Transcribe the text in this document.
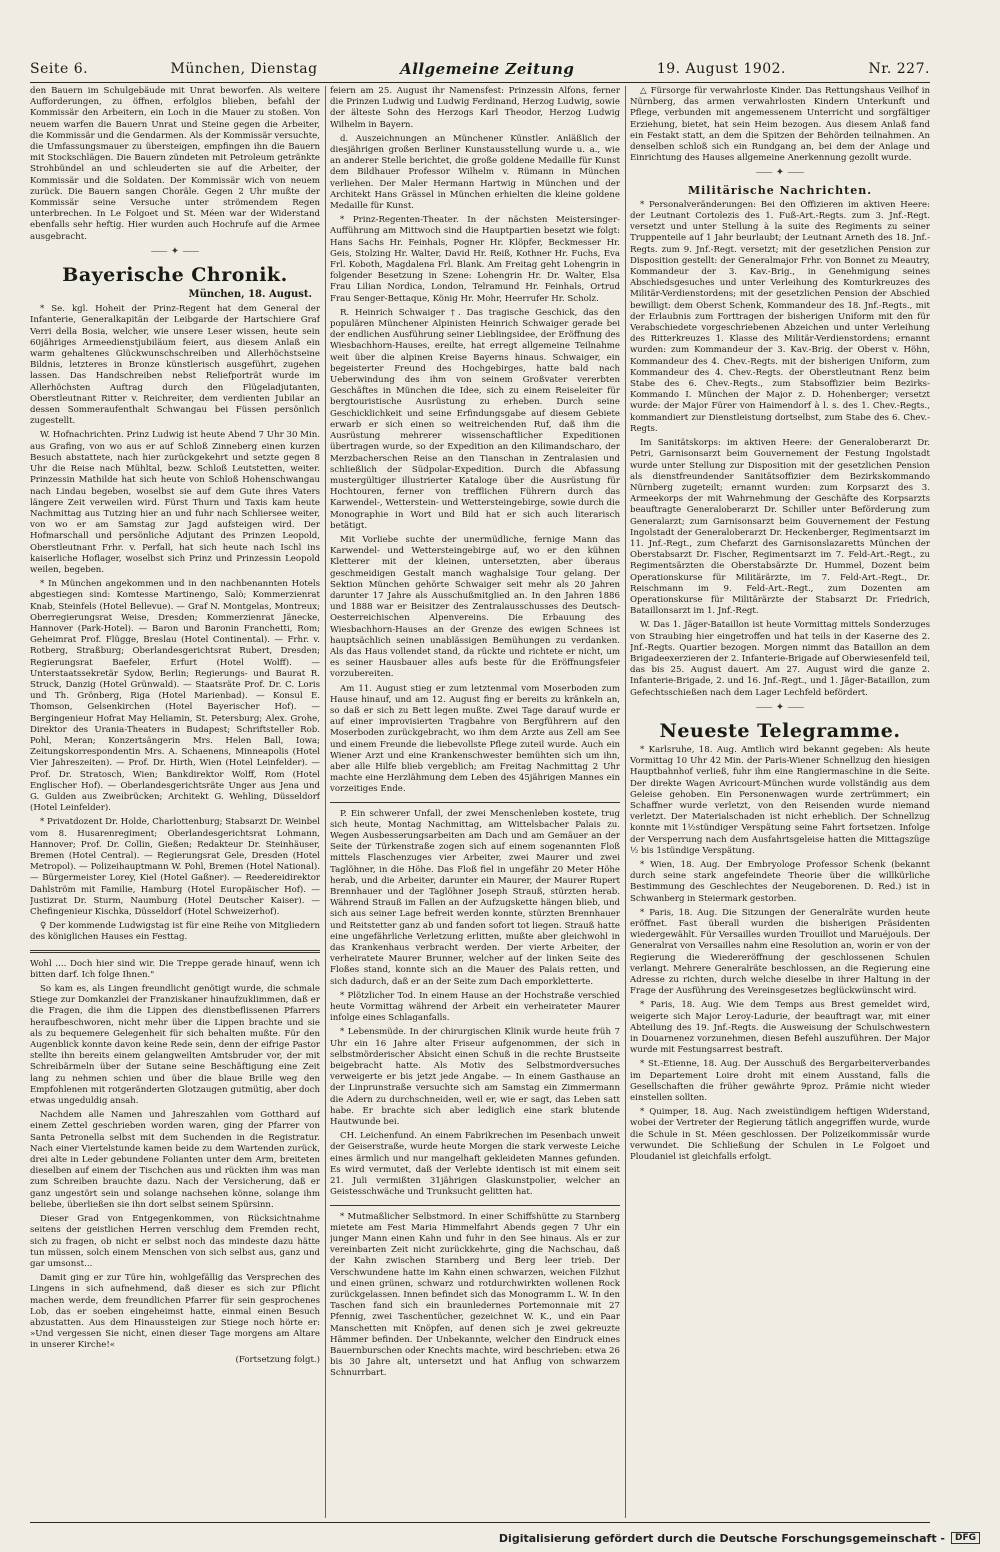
Seite 6.	München, Dienstag	Allgemeine Zeitung	19. August 1902.	Nr. 227.

den Bauern im Schulgebäude mit Unrat beworfen. Als weitere Aufforderungen, zu öffnen, erfolglos blieben, befahl der Kommissär den Arbeitern, ein Loch in die Mauer zu stoßen. Von neuem warfen die Bauern Unrat und Steine gegen die Arbeiter, die Kommissär und die Gendarmen. Als der Kommissär versuchte, die Umfassungsmauer zu übersteigen, empfingen ihn die Bauern mit Stockschlägen. Die Bauern zündeten mit Petroleum getränkte Strohbündel an und schleuderten sie auf die Arbeiter, der Kommissär und die Soldaten. Der Kommissär wich von neuem zurück. Die Bauern sangen Choräle. Gegen 2 Uhr mußte der Kommissär seine Versuche unter strömendem Regen unterbrechen. In Le Folgoet und St. Méen war der Widerstand ebenfalls sehr heftig. Hier wurden auch Hochrufe auf die Armee ausgebracht.

⸺ ✦ ⸺
Bayerische Chronik.
München, 18. August.

* Se. kgl. Hoheit der Prinz-Regent hat dem General der Infanterie, Generalkapitän der Leibgarde der Hartschiere Graf Verri della Bosia, welcher, wie unsere Leser wissen, heute sein 60jähriges Armeedienstjubiläum feiert, aus diesem Anlaß ein warm gehaltenes Glückwunschschreiben und Allerhöchstseine Bildnis, letzteres in Bronze künstlerisch ausgeführt, zugehen lassen. Das Handschreiben nebst Reliefporträt wurde im Allerhöchsten Auftrag durch den Flügeladjutanten, Oberstleutnant Ritter v. Reichreiter, dem verdienten Jubilar an dessen Sommeraufenthalt Schwangau bei Füssen persönlich zugestellt.

W. Hofnachrichten. Prinz Ludwig ist heute Abend 7 Uhr 30 Min. aus Grafing, von wo aus er auf Schloß Zinneberg einen kurzen Besuch abstattete, nach hier zurückgekehrt und setzte gegen 8 Uhr die Reise nach Mühltal, bezw. Schloß Leutstetten, weiter. Prinzessin Mathilde hat sich heute von Schloß Hohenschwangau nach Lindau begeben, woselbst sie auf dem Gute ihres Vaters längere Zeit verweilen wird. Fürst Thurn und Taxis kam heute Nachmittag aus Tutzing hier an und fuhr nach Schliersee weiter, von wo er am Samstag zur Jagd aufsteigen wird. Der Hofmarschall und persönliche Adjutant des Prinzen Leopold, Oberstleutnant Frhr. v. Perfall, hat sich heute nach Ischl ins kaiserliche Hoflager, woselbst sich Prinz und Prinzessin Leopold weilen, begeben.

* In München angekommen und in den nachbenannten Hotels abgestiegen sind: Komtesse Martinengo, Salò; Kommerzienrat Knab, Steinfels (Hotel Bellevue). — Graf N. Montgelas, Montreux; Oberregierungsrat Weise, Dresden; Kommerzienrat Jänecke, Hannover (Park-Hotel). — Baron und Baronin Franchetti, Rom; Geheimrat Prof. Flügge, Breslau (Hotel Continental). — Frhr. v. Rotberg, Straßburg; Oberlandesgerichtsrat Rubert, Dresden; Regierungsrat Baefeler, Erfurt (Hotel Wolff). — Unterstaatssekretär Sydow, Berlin; Regierungs- und Baurat R. Struck, Danzig (Hotel Grünwald). — Staatsräte Prof. Dr. C. Loris und Th. Grönberg, Riga (Hotel Marienbad). — Konsul E. Thomson, Gelsenkirchen (Hotel Bayerischer Hof). — Bergingenieur Hofrat May Heliamin, St. Petersburg; Alex. Grohe, Direktor des Urania-Theaters in Budapest; Schriftsteller Rob. Pohl, Meran; Konzertsängerin Mrs. Helen Ball, Iowa; Zeitungskorrespondentin Mrs. A. Schaenens, Minneapolis (Hotel Vier Jahreszeiten). — Prof. Dr. Hirth, Wien (Hotel Leinfelder). — Prof. Dr. Stratosch, Wien; Bankdirektor Wolff, Rom (Hotel Englischer Hof). — Oberlandesgerichtsräte Unger aus Jena und G. Gulden aus Zweibrücken; Architekt G. Wehling, Düsseldorf (Hotel Leinfelder).

* Privatdozent Dr. Holde, Charlottenburg; Stabsarzt Dr. Weinbel vom 8. Husarenregiment; Oberlandesgerichtsrat Lohmann, Hannover; Prof. Dr. Collin, Gießen; Redakteur Dr. Steinhäuser, Bremen (Hotel Central). — Regierungsrat Gele, Dresden (Hotel Metropol). — Polizeihauptmann W. Pohl, Bremen (Hotel National). — Bürgermeister Lorey, Kiel (Hotel Gaßner). — Reedereidirektor Dahlström mit Familie, Hamburg (Hotel Europäischer Hof). — Justizrat Dr. Sturm, Naumburg (Hotel Deutscher Kaiser). — Chefingenieur Kischka, Düsseldorf (Hotel Schweizerhof).

♀ Der kommende Ludwigstag ist für eine Reihe von Mitgliedern des königlichen Hauses ein Festtag.

Wohl .... Doch hier sind wir. Die Treppe gerade hinauf, wenn ich bitten darf. Ich folge Ihnen."

So kam es, als Lingen freundlicht genötigt wurde, die schmale Stiege zur Domkanzlei der Franziskaner hinaufzuklimmen, daß er die Fragen, die ihm die Lippen des dienstbeflissenen Pfarrers heraufbeschworen, nicht mehr über die Lippen brachte und sie als zu bequemere Gelegenheit für sich behalten mußte. Für den Augenblick konnte davon keine Rede sein, denn der eifrige Pastor stellte ihn bereits einem gelangweilten Amtsbruder vor, der mit Schreibärmeln über der Sutane seine Beschäftigung eine Zeit lang zu nehmen schien und über die blaue Brille weg den Empfohlenen mit rotgeränderten Glotzaugen gutmütig, aber doch etwas ungeduldig ansah.

Nachdem alle Namen und Jahreszahlen vom Gotthard auf einem Zettel geschrieben worden waren, ging der Pfarrer von Santa Petronella selbst mit dem Suchenden in die Registratur. Nach einer Viertelstunde kamen beide zu dem Wartenden zurück, drei alte in Leder gebundene Folianten unter dem Arm, breiteten dieselben auf einem der Tischchen aus und rückten ihm was man zum Schreiben brauchte dazu. Nach der Versicherung, daß er ganz ungestört sein und solange nachsehen könne, solange ihm beliebe, überließen sie ihn dort selbst seinem Spürsinn.

Dieser Grad von Entgegenkommen, von Rücksichtnahme seitens der geistlichen Herren verschlug dem Fremden recht, sich zu fragen, ob nicht er selbst noch das mindeste dazu hätte tun müssen, solch einem Menschen von sich selbst aus, ganz und gar umsonst...

Damit ging er zur Türe hin, wohlgefällig das Versprechen des Lingens in sich aufnehmend, daß dieser es sich zur Pflicht machen werde, dem freundlichen Pfarrer für sein gesprochenes Lob, das er soeben eingeheimst hatte, einmal einen Besuch abzustatten. Aus dem Hinaussteigen zur Stiege noch hörte er: »Und vergessen Sie nicht, einen dieser Tage morgens am Altare in unserer Kirche!«

(Fortsetzung folgt.)

feiern am 25. August ihr Namensfest: Prinzessin Alfons, ferner die Prinzen Ludwig und Ludwig Ferdinand, Herzog Ludwig, sowie der älteste Sohn des Herzogs Karl Theodor, Herzog Ludwig Wilhelm in Bayern.

d. Auszeichnungen an Münchener Künstler. Anläßlich der diesjährigen großen Berliner Kunstausstellung wurde u. a., wie an anderer Stelle berichtet, die große goldene Medaille für Kunst dem Bildhauer Professor Wilhelm v. Rümann in München verliehen. Der Maler Hermann Hartwig in München und der Architekt Hans Grässel in München erhielten die kleine goldene Medaille für Kunst.

* Prinz-Regenten-Theater. In der nächsten Meistersinger-Aufführung am Mittwoch sind die Hauptpartien besetzt wie folgt: Hans Sachs Hr. Feinhals, Pogner Hr. Klöpfer, Beckmesser Hr. Geis, Stolzing Hr. Walter, David Hr. Reiß, Kothner Hr. Fuchs, Eva Frl. Koboth, Magdalena Frl. Blank. Am Freitag geht Lohengrin in folgender Besetzung in Szene: Lohengrin Hr. Dr. Walter, Elsa Frau Lilian Nordica, London, Telramund Hr. Feinhals, Ortrud Frau Senger-Bettaque, König Hr. Mohr, Heerrufer Hr. Scholz.

R. Heinrich Schwaiger †. Das tragische Geschick, das den populären Münchener Alpinisten Heinrich Schwaiger gerade bei der endlichen Ausführung seiner Lieblingsidee, der Eröffnung des Wiesbachhorn-Hauses, ereilte, hat erregt allgemeine Teilnahme weit über die alpinen Kreise Bayerns hinaus. Schwaiger, ein begeisterter Freund des Hochgebirges, hatte bald nach Ueberwindung des ihm von seinem Großvater vererbten Geschäftes in München die Idee, sich zu einem Reiseleiter für bergtouristische Ausrüstung zu erheben. Durch seine Geschicklichkeit und seine Erfindungsgabe auf diesem Gebiete erwarb er sich einen so weitreichenden Ruf, daß ihm die Ausrüstung mehrerer wissenschaftlicher Expeditionen übertragen wurde, so der Expedition an den Kilimandscharo, der Merzbacherschen Reise an den Tianschan in Zentralasien und schließlich der Südpolar-Expedition. Durch die Abfassung mustergültiger illustrierter Kataloge über die Ausrüstung für Hochtouren, ferner von trefflichen Führern durch das Karwendel-, Wetterstein- und Wettersteingebirge, sowie durch die Monographie in Wort und Bild hat er sich auch literarisch betätigt.

Mit Vorliebe suchte der unermüdliche, fernige Mann das Karwendel- und Wettersteingebirge auf, wo er den kühnen Kletterer mit der kleinen, untersetzten, aber überaus geschmeidigen Gestalt manch waghalsige Tour gelang. Der Sektion München gehörte Schwaiger seit mehr als 20 Jahren darunter 17 Jahre als Ausschußmitglied an. In den Jahren 1886 und 1888 war er Beisitzer des Zentralausschusses des Deutsch-Oesterreichischen Alpenvereins. Die Erbauung des Wiesbachhorn-Hauses an der Grenze des ewigen Schnees ist hauptsächlich seinen unablässigen Bemühungen zu verdanken. Als das Haus vollendet stand, da rückte und richtete er nicht, um es seiner Hausbauer alles aufs beste für die Eröffnungsfeier vorzubereiten.

Am 11. August stieg er zum letztenmal vom Moserboden zum Hause hinauf, und am 12. August fing er bereits zu kränkeln an, so daß er sich zu Bett legen mußte. Zwei Tage darauf wurde er auf einer improvisierten Tragbahre von Bergführern auf den Moserboden zurückgebracht, wo ihm dem Arzte aus Zell am See und einem Freunde die liebevollste Pflege zuteil wurde. Auch ein Wiener Arzt und eine Krankenschwester bemühten sich um ihn, aber alle Hilfe blieb vergeblich; am Freitag Nachmittag 2 Uhr machte eine Herzlähmung dem Leben des 45jährigen Mannes ein vorzeitiges Ende.

P. Ein schwerer Unfall, der zwei Menschenleben kostete, trug sich heute, Montag Nachmittag, am Wittelsbacher Palais zu. Wegen Ausbesserungsarbeiten am Dach und am Gemäuer an der Seite der Türkenstraße zogen sich auf einem sogenannten Floß mittels Flaschenzuges vier Arbeiter, zwei Maurer und zwei Taglöhner, in die Höhe. Das Floß fiel in ungefähr 20 Meter Höhe herab, und die Arbeiter, darunter ein Maurer, der Maurer Rupert Brennhauer und der Taglöhner Joseph Strauß, stürzten herab. Während Strauß im Fallen an der Aufzugskette hängen blieb, und sich aus seiner Lage befreit werden konnte, stürzten Brennhauer und Reitstetter ganz ab und fanden sofort tot liegen. Strauß hatte eine ungefährliche Verletzung erlitten, mußte aber gleichwohl in das Krankenhaus verbracht werden. Der vierte Arbeiter, der verheiratete Maurer Brunner, welcher auf der linken Seite des Floßes stand, konnte sich an die Mauer des Palais retten, und sich dadurch, daß er an der Seite zum Dach emporkletterte.

* Plötzlicher Tod. In einem Hause an der Hochstraße verschied heute Vormittag während der Arbeit ein verheirateter Maurer infolge eines Schlaganfalls.

* Lebensmüde. In der chirurgischen Klinik wurde heute früh 7 Uhr ein 16 Jahre alter Friseur aufgenommen, der sich in selbstmörderischer Absicht einen Schuß in die rechte Brustseite beigebracht hatte. Als Motiv des Selbstmordversuches verweigerte er bis jetzt jede Angabe. — In einem Gasthause an der Linprunstraße versuchte sich am Samstag ein Zimmermann die Adern zu durchschneiden, weil er, wie er sagt, das Leben satt habe. Er brachte sich aber lediglich eine stark blutende Hautwunde bei.

CH. Leichenfund. An einem Fabrikrechen im Pesenbach unweit der Geiserstraße, wurde heute Morgen die stark verweste Leiche eines ärmlich und nur mangelhaft gekleideten Mannes gefunden. Es wird vermutet, daß der Verlebte identisch ist mit einem seit 21. Juli vermißten 31jährigen Glaskunstpolier, welcher an Geistesschwäche und Trunksucht gelitten hat.

* Mutmaßlicher Selbstmord. In einer Schiffshütte zu Starnberg mietete am Fest Maria Himmelfahrt Abends gegen 7 Uhr ein junger Mann einen Kahn und fuhr in den See hinaus. Als er zur vereinbarten Zeit nicht zurückkehrte, ging die Nachschau, daß der Kahn zwischen Starnberg und Berg leer trieb. Der Verschwundene hatte im Kahn einen schwarzen, weichen Filzhut und einen grünen, schwarz und rotdurchwirkten wollenen Rock zurückgelassen. Innen befindet sich das Monogramm L. W. In den Taschen fand sich ein braunledernes Portemonnaie mit 27 Pfennig, zwei Taschentücher, gezeichnet W. K., und ein Paar Manschetten mit Knöpfen, auf denen sich je zwei gekreuzte Hämmer befinden. Der Unbekannte, welcher den Eindruck eines Bauernburschen oder Knechts machte, wird beschrieben: etwa 26 bis 30 Jahre alt, untersetzt und hat Anflug von schwarzem Schnurrbart.

△ Fürsorge für verwahrloste Kinder. Das Rettungshaus Veilhof in Nürnberg, das armen verwahrlosten Kindern Unterkunft und Pflege, verbunden mit angemessenem Unterricht und sorgfältiger Erziehung, bietet, hat sein Heim bezogen. Aus diesem Anlaß fand ein Festakt statt, an dem die Spitzen der Behörden teilnahmen. An denselben schloß sich ein Rundgang an, bei dem der Anlage und Einrichtung des Hauses allgemeine Anerkennung gezollt wurde.

⸺ ✦ ⸺
Militärische Nachrichten.

* Personalveränderungen: Bei den Offizieren im aktiven Heere: der Leutnant Cortolezis des 1. Fuß-Art.-Regts. zum 3. Jnf.-Regt. versetzt und unter Stellung à la suite des Regiments zu seiner Truppenteile auf 1 Jahr beurlaubt; der Leutnant Arneth des 18. Jnf.-Regts. zum 9. Jnf.-Regt. versetzt; mit der gesetzlichen Pension zur Disposition gestellt: der Generalmajor Frhr. von Bonnet zu Meautry, Kommandeur der 3. Kav.-Brig., in Genehmigung seines Abschiedsgesuches und unter Verleihung des Komturkreuzes des Militär-Verdienstordens; mit der gesetzlichen Pension der Abschied bewilligt: dem Oberst Schenk, Kommandeur des 18. Jnf.-Regts., mit der Erlaubnis zum Forttragen der bisherigen Uniform mit den für Verabschiedete vorgeschriebenen Abzeichen und unter Verleihung des Ritterkreuzes 1. Klasse des Militär-Verdienstordens; ernannt wurden: zum Kommandeur der 3. Kav.-Brig. der Oberst v. Höhn, Kommandeur des 4. Chev.-Regts. mit der bisherigen Uniform, zum Kommandeur des 4. Chev.-Regts. der Oberstleutnant Renz beim Stabe des 6. Chev.-Regts., zum Stabsoffizier beim Bezirks-Kommando I. München der Major z. D. Hohenberger; versetzt wurde: der Major Fürer von Haimendorf à l. s. des 1. Chev.-Regts., kommandiert zur Dienstleistung dortselbst, zum Stabe des 6. Chev.-Regts.

Im Sanitätskorps: im aktiven Heere: der Generaloberarzt Dr. Petri, Garnisonsarzt beim Gouvernement der Festung Ingolstadt wurde unter Stellung zur Disposition mit der gesetzlichen Pension als dienstfreundender Sanitätsoffizier dem Bezirkskommando Nürnberg zugeteilt; ernannt wurden: zum Korpsarzt des 3. Armeekorps der mit Wahrnehmung der Geschäfte des Korpsarzts beauftragte Generaloberarzt Dr. Schiller unter Beförderung zum Generalarzt; zum Garnisonsarzt beim Gouvernement der Festung Ingolstadt der Generaloberarzt Dr. Heckenberger, Regimentsarzt im 11. Jnf.-Regt., zum Chefarzt des Garnisonslazaretts München der Oberstabsarzt Dr. Fischer, Regimentsarzt im 7. Feld-Art.-Regt., zu Regimentsärzten die Oberstabsärzte Dr. Hummel, Dozent beim Operationskurse für Militärärzte, im 7. Feld-Art.-Regt., Dr. Reischmann im 9. Feld-Art.-Regt., zum Dozenten am Operationskurse für Militärärzte der Stabsarzt Dr. Friedrich, Bataillonsarzt im 1. Jnf.-Regt.

W. Das 1. Jäger-Bataillon ist heute Vormittag mittels Sonderzuges von Straubing hier eingetroffen und hat teils in der Kaserne des 2. Jnf.-Regts. Quartier bezogen. Morgen nimmt das Bataillon an dem Brigadeexerzieren der 2. Infanterie-Brigade auf Oberwiesenfeld teil, das bis 25. August dauert. Am 27. August wird die ganze 2. Infanterie-Brigade, 2. und 16. Jnf.-Regt., und 1. Jäger-Bataillon, zum Gefechtsschießen nach dem Lager Lechfeld befördert.

⸺ ✦ ⸺
Neueste Telegramme.

* Karlsruhe, 18. Aug. Amtlich wird bekannt gegeben: Als heute Vormittag 10 Uhr 42 Min. der Paris-Wiener Schnellzug den hiesigen Hauptbahnhof verließ, fuhr ihm eine Rangiermaschine in die Seite. Der direkte Wagen Avricourt-München wurde vollständig aus dem Geleise gehoben. Ein Personenwagen wurde zertrümmert; ein Schaffner wurde verletzt, von den Reisenden wurde niemand verletzt. Der Materialschaden ist nicht erheblich. Der Schnellzug konnte mit 1½stündiger Verspätung seine Fahrt fortsetzen. Infolge der Versperrung nach dem Ausfahrtsgeleise hatten die Mittagszüge ½ bis 1stündige Verspätung.

* Wien, 18. Aug. Der Embryologe Professor Schenk (bekannt durch seine stark angefeindete Theorie über die willkürliche Bestimmung des Geschlechtes der Neugeborenen. D. Red.) ist in Schwanberg in Steiermark gestorben.

* Paris, 18. Aug. Die Sitzungen der Generalräte wurden heute eröffnet. Fast überall wurden die bisherigen Präsidenten wiedergewählt. Für Versailles wurden Trouillot und Maruéjouls. Der Generalrat von Versailles nahm eine Resolution an, worin er von der Regierung die Wiedereröffnung der geschlossenen Schulen verlangt. Mehrere Generalräte beschlossen, an die Regierung eine Adresse zu richten, durch welche dieselbe in ihrer Haltung in der Frage der Ausführung des Vereinsgesetzes beglückwünscht wird.

* Paris, 18. Aug. Wie dem Temps aus Brest gemeldet wird, weigerte sich Major Leroy-Ladurie, der beauftragt war, mit einer Abteilung des 19. Jnf.-Regts. die Ausweisung der Schulschwestern in Douarnenez vorzunehmen, diesen Befehl auszuführen. Der Major wurde mit Festungsarrest bestraft.

* St.-Etienne, 18. Aug. Der Ausschuß des Bergarbeiterverbandes im Departement Loire droht mit einem Ausstand, falls die Gesellschaften die früher gewährte 9proz. Prämie nicht wieder einstellen sollten.

* Quimper, 18. Aug. Nach zweistündigem heftigen Widerstand, wobei der Vertreter der Regierung tätlich angegriffen wurde, wurde die Schule in St. Méen geschlossen. Der Polizeikommissär wurde verwundet. Die Schließung der Schulen in Le Folgoet und Ploudaniel ist gleichfalls erfolgt.

Digitalisierung gefördert durch die Deutsche Forschungsgemeinschaft -	DFG
